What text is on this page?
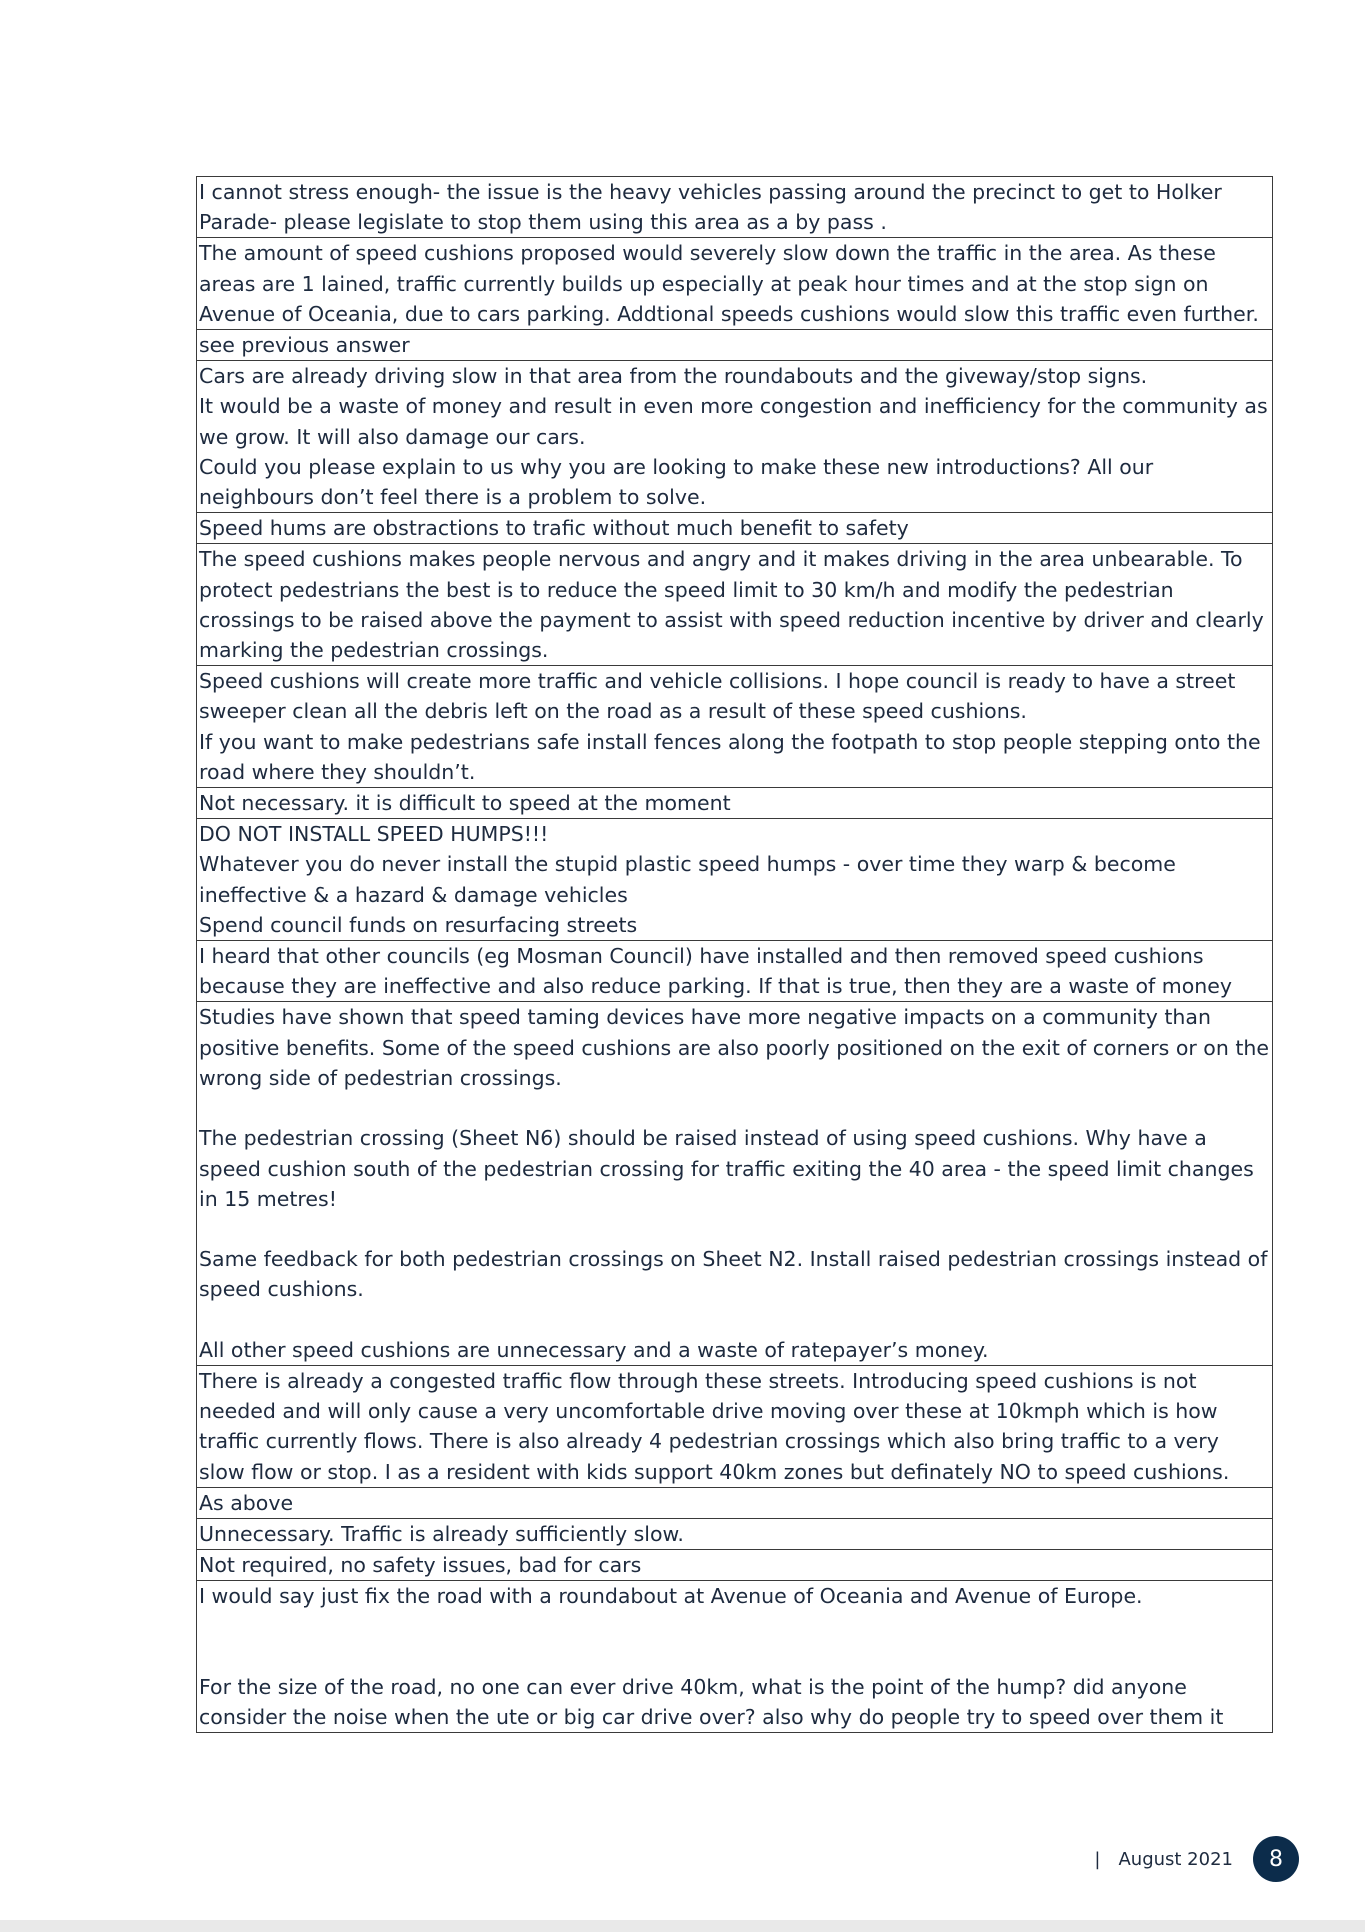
I cannot stress enough- the issue is the heavy vehicles passing around the precinct to get to Holker Parade- please legislate to stop them using this area as a by pass .
The amount of speed cushions proposed would severely slow down the traffic in the area. As these areas are 1 lained, traffic currently builds up especially at peak hour times and at the stop sign on Avenue of Oceania, due to cars parking. Addtional speeds cushions would slow this traffic even further.
see previous answer
Cars are already driving slow in that area from the roundabouts and the giveway/stop signs.
It would be a waste of money and result in even more congestion and inefficiency for the community as we grow. It will also damage our cars.
Could you please explain to us why you are looking to make these new introductions? All our neighbours don’t feel there is a problem to solve.
Speed hums are obstractions to trafic without much benefit to safety
The speed cushions makes people nervous and angry and it makes driving in the area unbearable. To protect pedestrians the best is to reduce the speed limit to 30 km/h and modify the pedestrian crossings to be raised above the payment to assist with speed reduction incentive by driver and clearly marking the pedestrian crossings.
Speed cushions will create more traffic and vehicle collisions. I hope council is ready to have a street sweeper clean all the debris left on the road as a result of these speed cushions.
If you want to make pedestrians safe install fences along the footpath to stop people stepping onto the road where they shouldn’t.
Not necessary. it is difficult to speed at the moment
DO NOT INSTALL SPEED HUMPS!!!
Whatever you do never install the stupid plastic speed humps - over time they warp & become ineffective & a hazard & damage vehicles
Spend council funds on resurfacing streets
I heard that other councils (eg Mosman Council) have installed and then removed speed cushions because they are ineffective and also reduce parking. If that is true, then they are a waste of money
Studies have shown that speed taming devices have more negative impacts on a community than positive benefits. Some of the speed cushions are also poorly positioned on the exit of corners or on the wrong side of pedestrian crossings.

The pedestrian crossing (Sheet N6) should be raised instead of using speed cushions. Why have a speed cushion south of the pedestrian crossing for traffic exiting the 40 area - the speed limit changes in 15 metres!

Same feedback for both pedestrian crossings on Sheet N2. Install raised pedestrian crossings instead of speed cushions.

All other speed cushions are unnecessary and a waste of ratepayer’s money.
There is already a congested traffic flow through these streets. Introducing speed cushions is not needed and will only cause a very uncomfortable drive moving over these at 10kmph which is how traffic currently flows. There is also already 4 pedestrian crossings which also bring traffic to a very slow flow or stop. I as a resident with kids support 40km zones but definately NO to speed cushions.
As above
Unnecessary. Traffic is already sufficiently slow.
Not required, no safety issues, bad for cars
I would say just fix the road with a roundabout at Avenue of Oceania and Avenue of Europe.

For the size of the road, no one can ever drive 40km, what is the point of the hump? did anyone consider the noise when the ute or big car drive over? also why do people try to speed over them it
| August 2021	8
